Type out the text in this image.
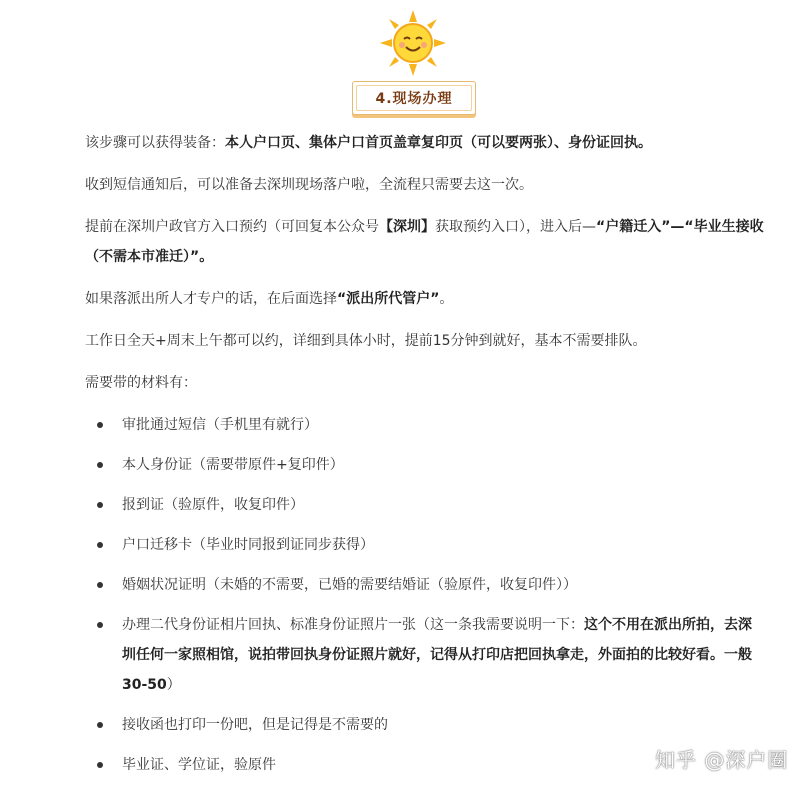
4.现场办理

该步骤可以获得装备：本人户口页、集体户口首页盖章复印页（可以要两张）、身份证回执。

收到短信通知后，可以准备去深圳现场落户啦，全流程只需要去这一次。

提前在深圳户政官方入口预约（可回复本公众号【深圳】获取预约入口），进入后—“户籍迁入”—“毕业生接收（不需本市准迁）”。

如果落派出所人才专户的话，在后面选择“派出所代管户”。

工作日全天+周末上午都可以约，详细到具体小时，提前15分钟到就好，基本不需要排队。

需要带的材料有：

审批通过短信（手机里有就行）
本人身份证（需要带原件+复印件）
报到证（验原件，收复印件）
户口迁移卡（毕业时同报到证同步获得）
婚姻状况证明（未婚的不需要，已婚的需要结婚证（验原件，收复印件））
办理二代身份证相片回执、标准身份证照片一张（这一条我需要说明一下：这个不用在派出所拍，去深圳任何一家照相馆，说拍带回执身份证照片就好，记得从打印店把回执拿走，外面拍的比较好看。一般30-50）
接收函也打印一份吧，但是记得是不需要的
毕业证、学位证，验原件	知乎 @深户圈
